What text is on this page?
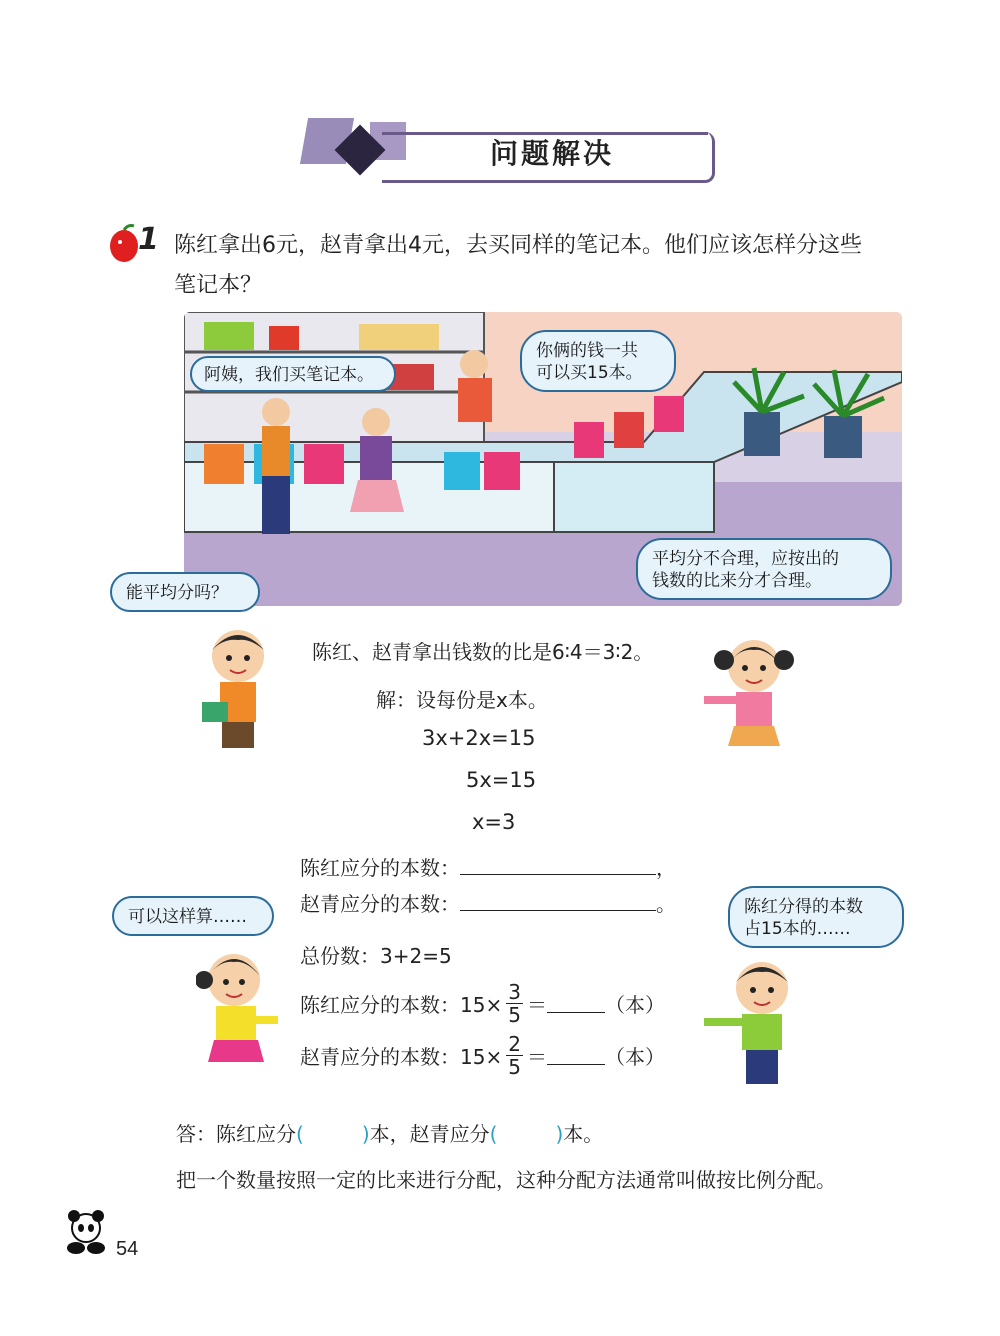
问题解决
1 陈红拿出6元，赵青拿出4元，去买同样的笔记本。他们应该怎样分这些
笔记本？
阿姨，我们买笔记本。
你俩的钱一共
可以买15本。
能平均分吗？
平均分不合理，应按出的
钱数的比来分才合理。
陈红、赵青拿出钱数的比是6∶4＝3∶2。
解：设每份是x本。
3x+2x=15
5x=15
x=3
陈红应分的本数：	，
赵青应分的本数：	。
可以这样算……	陈红分得的本数
占15本的……
总份数：3+2=5
陈红应分的本数：$15\times \frac{3}{5}$ ＝	（本）
赵青应分的本数：$15\times \frac{2}{5}$ ＝	（本）
答：陈红应分(	)本，赵青应分(	)本。
把一个数量按照一定的比来进行分配，这种分配方法通常叫做按比例分配。
54
